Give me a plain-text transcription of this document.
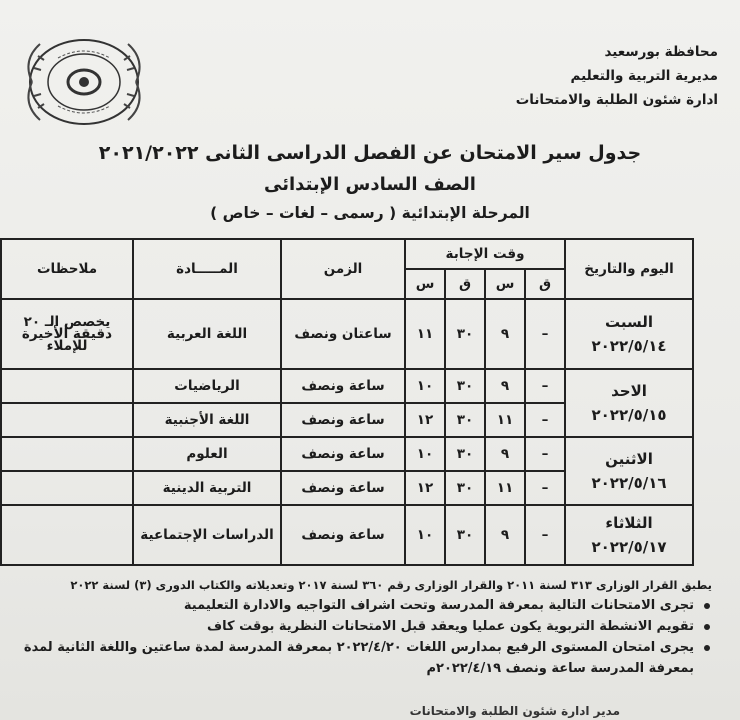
محافظة بورسعيد
مديرية التربية والتعليم
ادارة شئون الطلبة والامتحانات
جدول سير الامتحان عن الفصل الدراسى الثانى ٢٠٢١/٢٠٢٢
الصف السادس الإبتدائى
المرحلة الإبتدائية ( رسمى – لغات – خاص )
اليوم والتاريخ	وقت الإجابة				الزمن	المـــــادة	ملاحظات
	ق	س	ق	س			

السبت
٢٠٢٢/٥/١٤	–	٩	٣٠	١١	ساعتان ونصف	اللغة العربية	يخصص الـ ٢٠ دقيقة الأخيرة للإملاء

الاحد
٢٠٢٢/٥/١٥	–	٩	٣٠	١٠	ساعة ونصف	الرياضيات	
	–	١١	٣٠	١٢	ساعة ونصف	اللغة الأجنبية	

الاثنين
٢٠٢٢/٥/١٦	–	٩	٣٠	١٠	ساعة ونصف	العلوم	
	–	١١	٣٠	١٢	ساعة ونصف	التربية الدينية	

الثلاثاء
٢٠٢٢/٥/١٧	–	٩	٣٠	١٠	ساعة ونصف	الدراسات الإجتماعية	
يطبق القرار الوزارى ٣١٣ لسنة ٢٠١١ والقرار الوزارى رقم ٣٦٠ لسنة ٢٠١٧ وتعديلاته والكتاب الدورى (٣) لسنة ٢٠٢٢
تجرى الامتحانات التالية بمعرفة المدرسة وتحت اشراف التواجيه والادارة التعليمية
تقويم الانشطة التربوية يكون عمليا ويعقد قبل الامتحانات النظرية بوقت كاف
يجرى امتحان المستوى الرفيع بمدارس اللغات ٢٠٢٢/٤/٢٠ بمعرفة المدرسة لمدة ساعتين واللغة الثانية لمدة بمعرفة المدرسة ساعة ونصف ٢٠٢٢/٤/١٩م
مدير ادارة شئون الطلبة والامتحانات
